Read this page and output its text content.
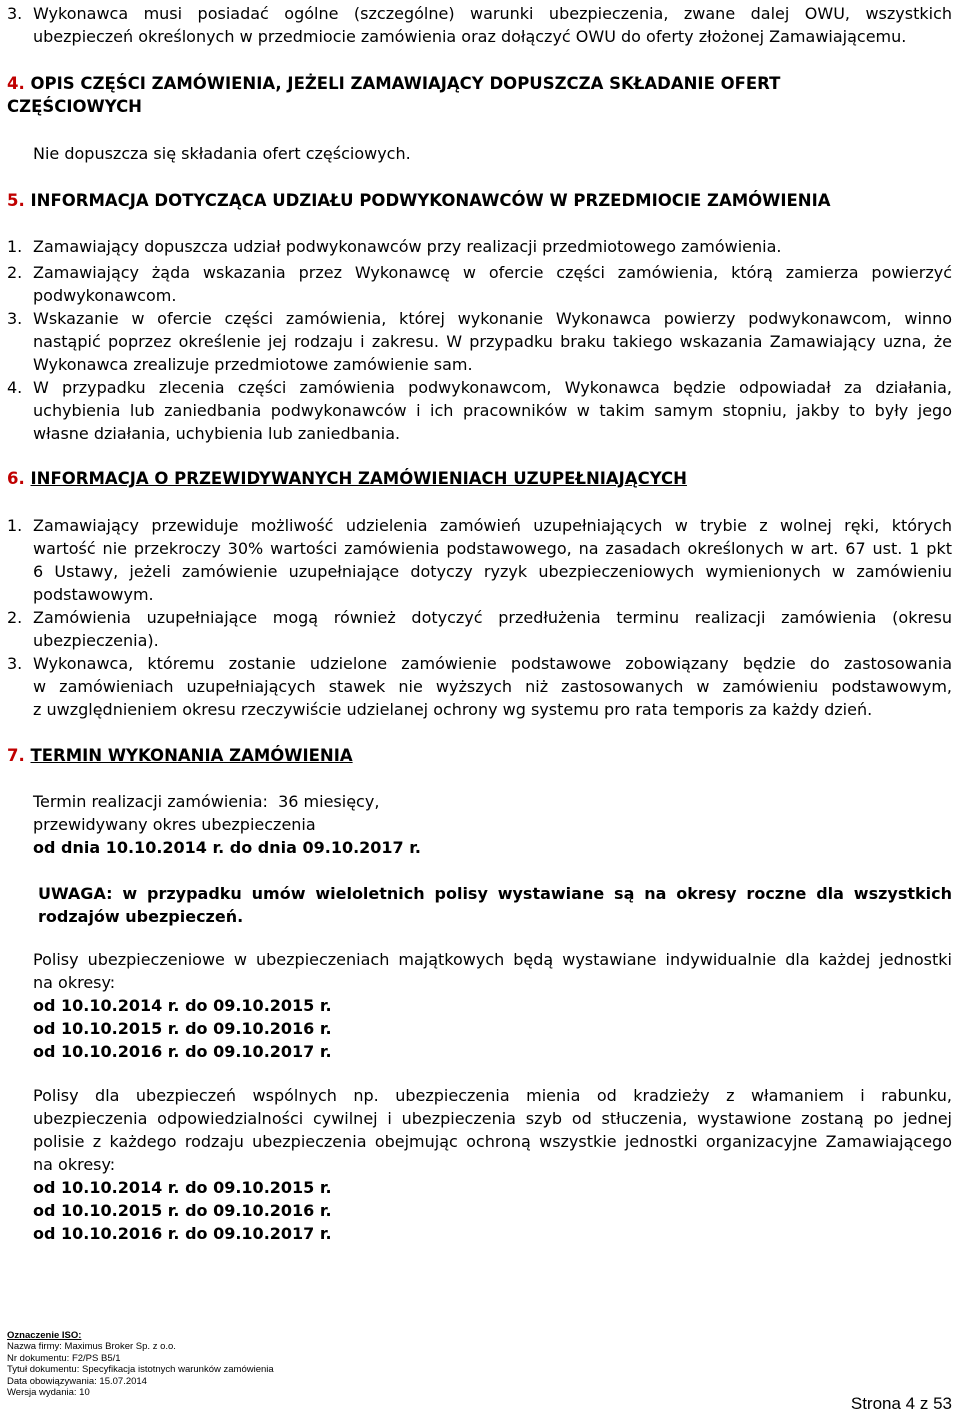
3. Wykonawca musi posiadać ogólne (szczególne) warunki ubezpieczenia, zwane dalej OWU, wszystkich
ubezpieczeń określonych w przedmiocie zamówienia oraz dołączyć OWU do oferty złożonej Zamawiającemu.
4. OPIS CZĘŚCI ZAMÓWIENIA, JEŻELI ZAMAWIAJĄCY DOPUSZCZA SKŁADANIE OFERT
CZĘŚCIOWYCH
Nie dopuszcza się składania ofert częściowych.
5. INFORMACJA DOTYCZĄCA UDZIAŁU PODWYKONAWCÓW W PRZEDMIOCIE ZAMÓWIENIA
1. Zamawiający dopuszcza udział podwykonawców przy realizacji przedmiotowego zamówienia.
2. Zamawiający żąda wskazania przez Wykonawcę w ofercie części zamówienia, którą zamierza powierzyć
podwykonawcom.
3. Wskazanie w ofercie części zamówienia, której wykonanie Wykonawca powierzy podwykonawcom, winno
nastąpić poprzez określenie jej rodzaju i zakresu. W przypadku braku takiego wskazania Zamawiający uzna, że
Wykonawca zrealizuje przedmiotowe zamówienie sam.
4. W przypadku zlecenia części zamówienia podwykonawcom, Wykonawca będzie odpowiadał za działania,
uchybienia lub zaniedbania podwykonawców i ich pracowników w takim samym stopniu, jakby to były jego
własne działania, uchybienia lub zaniedbania.
6. INFORMACJA O PRZEWIDYWANYCH ZAMÓWIENIACH UZUPEŁNIAJĄCYCH
1. Zamawiający przewiduje możliwość udzielenia zamówień uzupełniających w trybie z wolnej ręki, których
wartość nie przekroczy 30% wartości zamówienia podstawowego, na zasadach określonych w art. 67 ust. 1 pkt
6 Ustawy, jeżeli zamówienie uzupełniające dotyczy ryzyk ubezpieczeniowych wymienionych w zamówieniu
podstawowym.
2. Zamówienia uzupełniające mogą również dotyczyć przedłużenia terminu realizacji zamówienia (okresu
ubezpieczenia).
3. Wykonawca, któremu zostanie udzielone zamówienie podstawowe zobowiązany będzie do zastosowania
w zamówieniach uzupełniających stawek nie wyższych niż zastosowanych w zamówieniu podstawowym,
z uwzględnieniem okresu rzeczywiście udzielanej ochrony wg systemu pro rata temporis za każdy dzień.
7. TERMIN WYKONANIA ZAMÓWIENIA
Termin realizacji zamówienia:  36 miesięcy,
przewidywany okres ubezpieczenia
od dnia 10.10.2014 r. do dnia 09.10.2017 r.
UWAGA: w przypadku umów wieloletnich polisy wystawiane są na okresy roczne dla wszystkich
rodzajów ubezpieczeń.
Polisy ubezpieczeniowe w ubezpieczeniach majątkowych będą wystawiane indywidualnie dla każdej jednostki
na okresy:
od 10.10.2014 r. do 09.10.2015 r.
od 10.10.2015 r. do 09.10.2016 r.
od 10.10.2016 r. do 09.10.2017 r.
Polisy dla ubezpieczeń wspólnych np. ubezpieczenia mienia od kradzieży z włamaniem i rabunku,
ubezpieczenia odpowiedzialności cywilnej i ubezpieczenia szyb od stłuczenia, wystawione zostaną po jednej
polisie z każdego rodzaju ubezpieczenia obejmując ochroną wszystkie jednostki organizacyjne Zamawiającego
na okresy:
od 10.10.2014 r. do 09.10.2015 r.
od 10.10.2015 r. do 09.10.2016 r.
od 10.10.2016 r. do 09.10.2017 r.
Oznaczenie ISO:
Nazwa firmy: Maximus Broker Sp. z o.o.
Nr dokumentu: F2/PS B5/1
Tytuł dokumentu: Specyfikacja istotnych warunków zamówienia
Data obowiązywania: 15.07.2014
Wersja wydania: 10
Strona 4 z 53
